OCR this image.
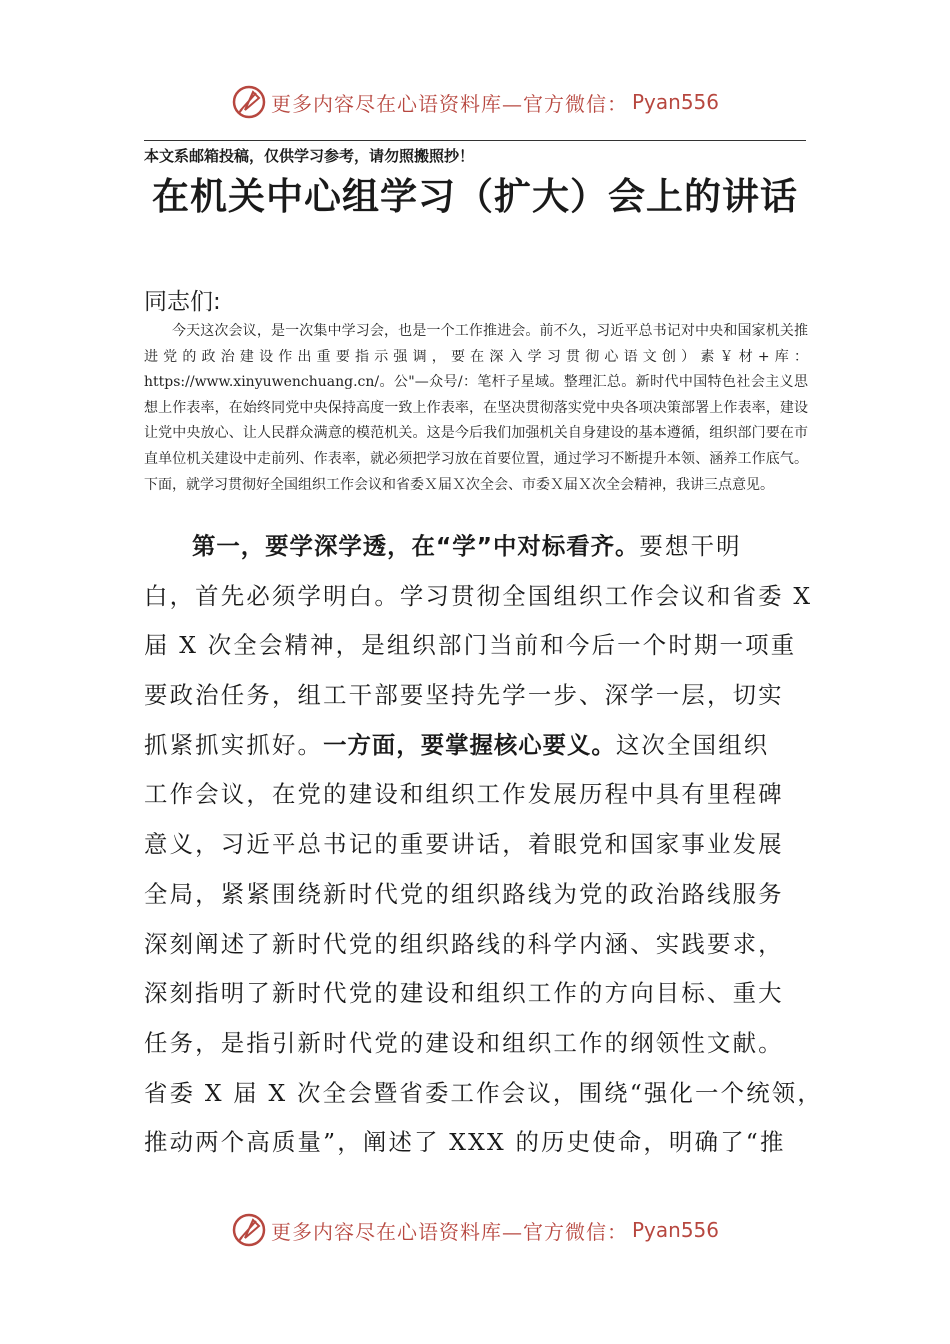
更多内容尽在心语资料库—官方微信： Pyan556
本文系邮箱投稿，仅供学习参考，请勿照搬照抄！
在机关中心组学习（扩大）会上的讲话
同志们:

今天这次会议，是一次集中学习会，也是一个工作推进会。前不久，习近平总书记对中央和国家机关推进党的政治建设作出重要指示强调，要在深入学习贯彻心语文创）素￥材+库：https://www.xinyuwenchuang.cn/。公"—众号/：笔杆子星域。整理汇总。新时代中国特色社会主义思想上作表率，在始终同党中央保持高度一致上作表率，在坚决贯彻落实党中央各项决策部署上作表率，建设让党中央放心、让人民群众满意的模范机关。这是今后我们加强机关自身建设的基本遵循，组织部门要在市直单位机关建设中走前列、作表率，就必须把学习放在首要位置，通过学习不断提升本领、涵养工作底气。下面，就学习贯彻好全国组织工作会议和省委Ｘ届Ｘ次全会、市委Ｘ届Ｘ次全会精神，我讲三点意见。

第一，要学深学透，在“学”中对标看齐。要想干明
白，首先必须学明白。学习贯彻全国组织工作会议和省委 X
届 X 次全会精神，是组织部门当前和今后一个时期一项重
要政治任务，组工干部要坚持先学一步、深学一层，切实
抓紧抓实抓好。一方面，要掌握核心要义。这次全国组织
工作会议，在党的建设和组织工作发展历程中具有里程碑
意义，习近平总书记的重要讲话，着眼党和国家事业发展
全局，紧紧围绕新时代党的组织路线为党的政治路线服务
深刻阐述了新时代党的组织路线的科学内涵、实践要求，
深刻指明了新时代党的建设和组织工作的方向目标、重大
任务，是指引新时代党的建设和组织工作的纲领性文献。
省委 X 届 X 次全会暨省委工作会议，围绕“强化一个统领，
推动两个高质量”，阐述了 XXX 的历史使命，明确了“推
更多内容尽在心语资料库—官方微信： Pyan556
